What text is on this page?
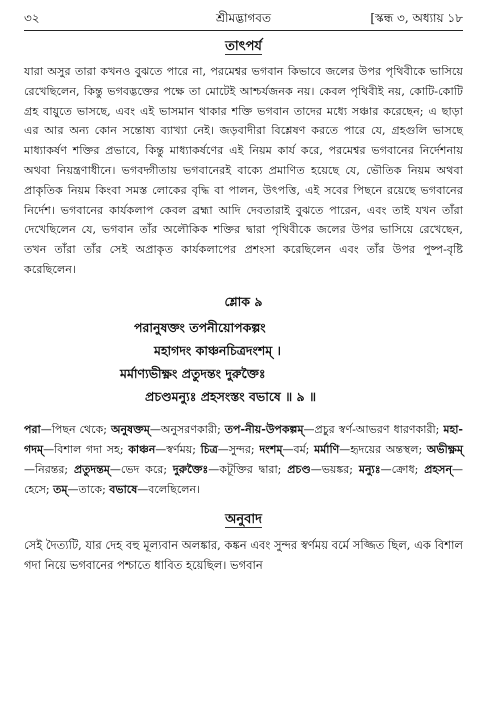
৩২	শ্রীমদ্ভাগবত	[স্কন্ধ ৩, অধ্যায় ১৮
তাৎপর্য

যারা অসুর তারা কখনও বুঝতে পারে না, পরমেশ্বর ভগবান কিভাবে জলের উপর পৃথিবীকে ভাসিয়ে রেখেছিলেন, কিন্তু ভগবদ্ভক্তের পক্ষে তা মোটেই আশ্চর্যজনক নয়। কেবল পৃথিবীই নয়, কোটি-কোটি গ্রহ বায়ুতে ভাসছে, এবং এই ভাসমান থাকার শক্তি ভগবান তাদের মধ্যে সঞ্চার করেছেন; এ ছাড়া এর আর অন্য কোন সন্তোষ্য ব্যাখ্যা নেই। জড়বাদীরা বিশ্লেষণ করতে পারে যে, গ্রহগুলি ভাসছে মাধ্যাকর্ষণ শক্তির প্রভাবে, কিন্তু মাধ্যাকর্ষণের এই নিয়ম কার্য করে, পরমেশ্বর ভগবানের নির্দেশনায় অথবা নিয়ন্ত্রণাধীনে। ভগবদ্গীতায় ভগবানেরই বাক্যে প্রমাণিত হয়েছে যে, ভৌতিক নিয়ম অথবা প্রাকৃতিক নিয়ম কিংবা সমস্ত লোকের বৃদ্ধি বা পালন, উৎপত্তি, এই সবের পিছনে রয়েছে ভগবানের নির্দেশ। ভগবানের কার্যকলাপ কেবল ব্রহ্মা আদি দেবতারাই বুঝতে পারেন, এবং তাই যখন তাঁরা দেখেছিলেন যে, ভগবান তাঁর অলৌকিক শক্তির দ্বারা পৃথিবীকে জলের উপর ভাসিয়ে রেখেছেন, তখন তাঁরা তাঁর সেই অপ্রাকৃত কার্যকলাপের প্রশংসা করেছিলেন এবং তাঁর উপর পুষ্প-বৃষ্টি করেছিলেন।

শ্লোক ৯
পরানুষক্তং তপনীয়োপকল্পং
মহাগদং কাঞ্চনচিত্রদংশম্‌ ।
মর্মাণ্যভীক্ষ্ণং প্রতুদন্তং দুরুক্তৈঃ
প্রচণ্ডমন্যুঃ প্রহসংস্তং বভাষে ॥ ৯ ॥
পরা—পিছন থেকে; অনুষক্তম্—অনুসরণকারী; তপ-নীয়-উপকল্পম্—প্রচুর স্বর্ণ-আভরণ ধারণকারী; মহা-গদম্—বিশাল গদা সহ; কাঞ্চন—স্বর্ণময়; চিত্র—সুন্দর; দংশম্—বর্ম; মর্মাণি—হৃদয়ের অন্তস্থল; অভীক্ষ্ণম্—নিরন্তর; প্রতুদন্তম্—ভেদ করে; দুরুক্তৈঃ—কটূক্তির দ্বারা; প্রচণ্ড—ভয়ঙ্কর; মন্যুঃ—ক্রোধ; প্রহসন্—হেসে; তম্—তাকে; বভাষে—বলেছিলেন।
অনুবাদ

সেই দৈত্যটি, যার দেহ বহু মূল্যবান অলঙ্কার, কঙ্কন এবং সুন্দর স্বর্ণময় বর্মে সজ্জিত ছিল, এক বিশাল গদা নিয়ে ভগবানের পশ্চাতে ধাবিত হয়েছিল। ভগবান
